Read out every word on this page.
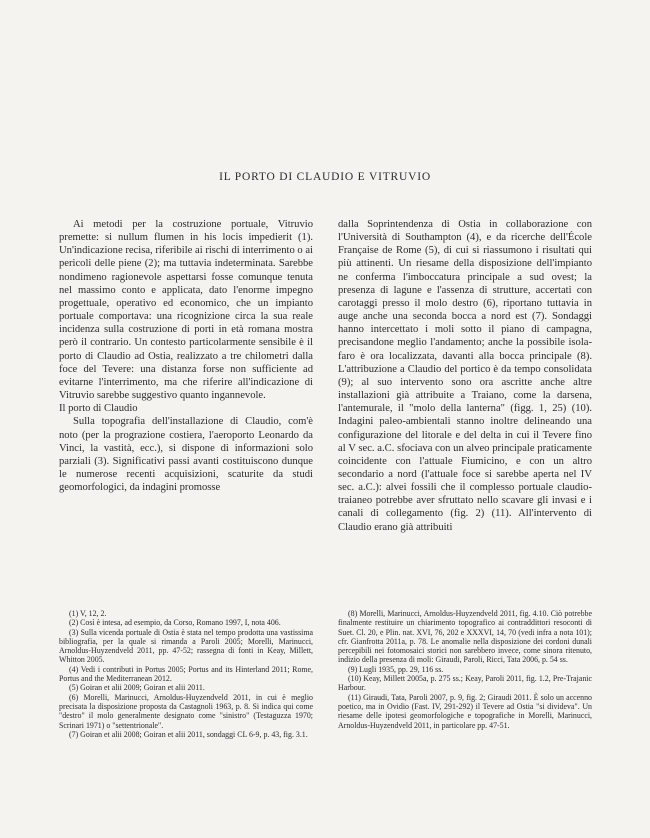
IL PORTO DI CLAUDIO E VITRUVIO

Ai metodi per la costruzione portuale, Vitruvio premette: si nullum flumen in his locis impedierit (1). Un'indicazione recisa, riferibile ai rischi di interrimento o ai pericoli delle piene (2); ma tuttavia indeterminata. Sarebbe nondimeno ragionevole aspettarsi fosse comunque tenuta nel massimo conto e applicata, dato l'enorme impegno progettuale, operativo ed economico, che un impianto portuale comportava: una ricognizione circa la sua reale incidenza sulla costruzione di porti in età romana mostra però il contrario. Un contesto particolarmente sensibile è il porto di Claudio ad Ostia, realizzato a tre chilometri dalla foce del Tevere: una distanza forse non sufficiente ad evitarne l'interrimento, ma che riferire all'indicazione di Vitruvio sarebbe suggestivo quanto ingannevole.

Il porto di Claudio

Sulla topografia dell'installazione di Claudio, com'è noto (per la prograzione costiera, l'aeroporto Leonardo da Vinci, la vastità, ecc.), si dispone di informazioni solo parziali (3). Significativi passi avanti costituiscono dunque le numerose recenti acquisizioni, scaturite da studi geomorfologici, da indagini promosse

dalla Soprintendenza di Ostia in collaborazione con l'Università di Southampton (4), e da ricerche dell'École Française de Rome (5), di cui si riassumono i risultati qui più attinenti. Un riesame della disposizione dell'impianto ne conferma l'imboccatura principale a sud ovest; la presenza di lagune e l'assenza di strutture, accertati con carotaggi presso il molo destro (6), riportano tuttavia in auge anche una seconda bocca a nord est (7). Sondaggi hanno intercettato i moli sotto il piano di campagna, precisandone meglio l'andamento; anche la possibile isola-faro è ora localizzata, davanti alla bocca principale (8). L'attribuzione a Claudio del portico è da tempo consolidata (9); al suo intervento sono ora ascritte anche altre installazioni già attribuite a Traiano, come la darsena, l'antemurale, il "molo della lanterna" (figg. 1, 25) (10). Indagini paleo-ambientali stanno inoltre delineando una configurazione del litorale e del delta in cui il Tevere fino al V sec. a.C. sfociava con un alveo principale praticamente coincidente con l'attuale Fiumicino, e con un altro secondario a nord (l'attuale foce si sarebbe aperta nel IV sec. a.C.): alvei fossili che il complesso portuale claudio-traianeo potrebbe aver sfruttato nello scavare gli invasi e i canali di collegamento (fig. 2) (11). All'intervento di Claudio erano già attribuiti

(1) V, 12, 2.

(2) Così è intesa, ad esempio, da Corso, Romano 1997, I, nota 406.

(3) Sulla vicenda portuale di Ostia è stata nel tempo prodotta una vastissima bibliografia, per la quale si rimanda a Paroli 2005; Morelli, Marinucci, Arnoldus-Huyzendveld 2011, pp. 47-52; rassegna di fonti in Keay, Millett, Whitton 2005.

(4) Vedi i contributi in Portus 2005; Portus and its Hinterland 2011; Rome, Portus and the Mediterranean 2012.

(5) Goiran et alii 2009; Goiran et alii 2011.

(6) Morelli, Marinucci, Arnoldus-Huyzendveld 2011, in cui è meglio precisata la disposizione proposta da Castagnoli 1963, p. 8. Si indica qui come "destro" il molo generalmente designato come "sinistro" (Testaguzza 1970; Scrinari 1971) o "settentrionale".

(7) Goiran et alii 2008; Goiran et alii 2011, sondaggi CL 6-9, p. 43, fig. 3.1.

(8) Morelli, Marinucci, Arnoldus-Huyzendveld 2011, fig. 4.10. Ciò potrebbe finalmente restituire un chiarimento topografico ai contraddittori resoconti di Suet. Cl. 20, e Plin. nat. XVI, 76, 202 e XXXVI, 14, 70 (vedi infra a nota 101); cfr. Gianfrotta 2011a, p. 78. Le anomalie nella disposizione dei cordoni dunali percepibili nei fotomosaici storici non sarebbero invece, come sinora ritenuto, indizio della presenza di moli: Giraudi, Paroli, Ricci, Tata 2006, p. 54 ss.

(9) Lugli 1935, pp. 29, 116 ss.

(10) Keay, Millett 2005a, p. 275 ss.; Keay, Paroli 2011, fig. 1.2, Pre-Trajanic Harbour.

(11) Giraudi, Tata, Paroli 2007, p. 9, fig. 2; Giraudi 2011. È solo un accenno poetico, ma in Ovidio (Fast. IV, 291-292) il Tevere ad Ostia "si divideva". Un riesame delle ipotesi geomorfologiche e topografiche in Morelli, Marinucci, Arnoldus-Huyzendveld 2011, in particolare pp. 47-51.
